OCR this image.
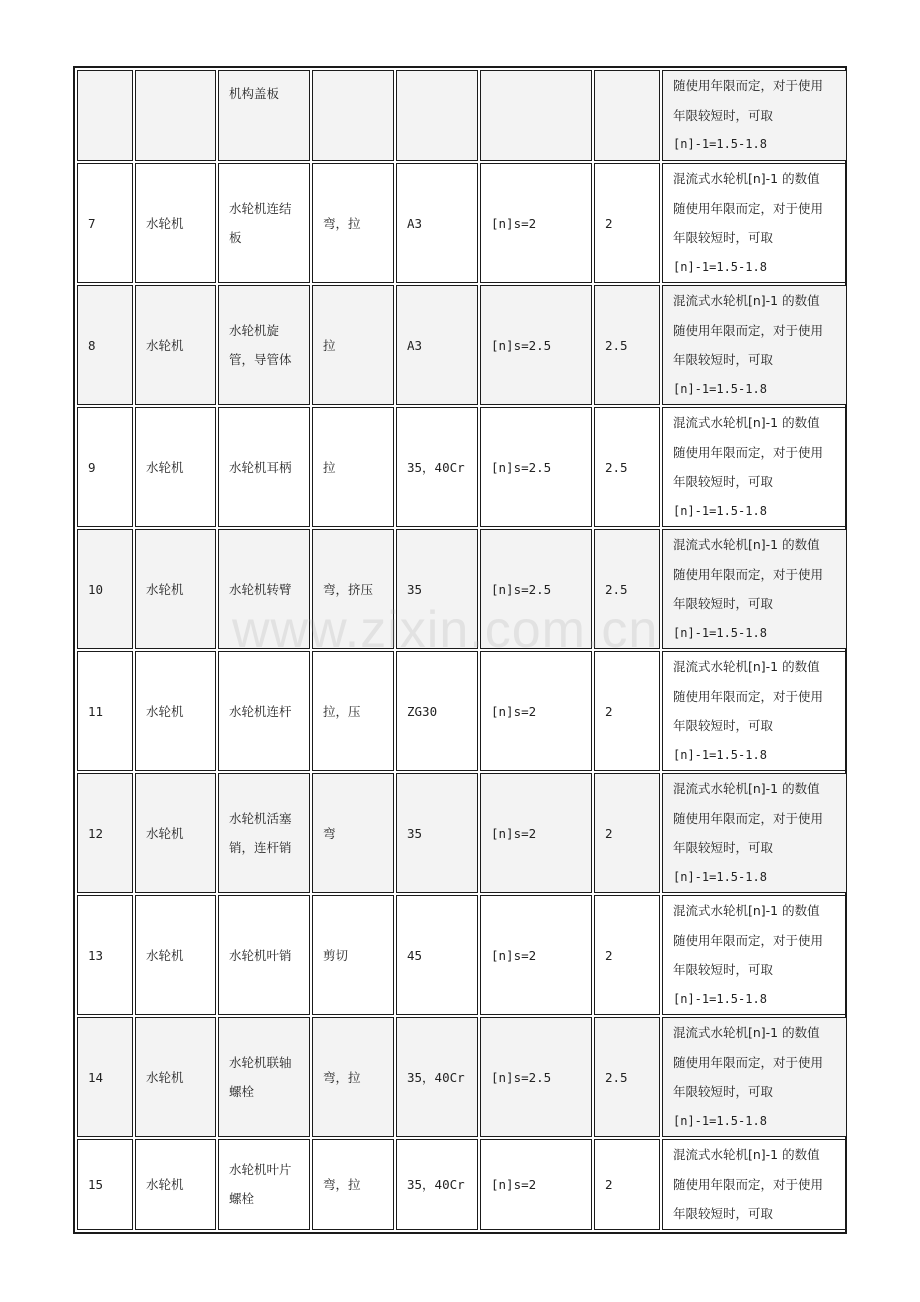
		机构盖板					随使用年限而定，对于使用
年限较短时，可取
[n]-1=1.5-1.8

7	水轮机	水轮机连结板	弯，拉	A3	[n]s=2	2	混流式水轮机[n]-1 的数值
随使用年限而定，对于使用
年限较短时，可取
[n]-1=1.5-1.8

8	水轮机	水轮机旋管，导管体	拉	A3	[n]s=2.5	2.5	混流式水轮机[n]-1 的数值
随使用年限而定，对于使用
年限较短时，可取
[n]-1=1.5-1.8

9	水轮机	水轮机耳柄	拉	35，40Cr	[n]s=2.5	2.5	混流式水轮机[n]-1 的数值
随使用年限而定，对于使用
年限较短时，可取
[n]-1=1.5-1.8

10	水轮机	水轮机转臂	弯，挤压	35	[n]s=2.5	2.5	混流式水轮机[n]-1 的数值
随使用年限而定，对于使用
年限较短时，可取
[n]-1=1.5-1.8

11	水轮机	水轮机连杆	拉，压	ZG30	[n]s=2	2	混流式水轮机[n]-1 的数值
随使用年限而定，对于使用
年限较短时，可取
[n]-1=1.5-1.8

12	水轮机	水轮机活塞销，连杆销	弯	35	[n]s=2	2	混流式水轮机[n]-1 的数值
随使用年限而定，对于使用
年限较短时，可取
[n]-1=1.5-1.8

13	水轮机	水轮机叶销	剪切	45	[n]s=2	2	混流式水轮机[n]-1 的数值
随使用年限而定，对于使用
年限较短时，可取
[n]-1=1.5-1.8

14	水轮机	水轮机联轴螺栓	弯，拉	35，40Cr	[n]s=2.5	2.5	混流式水轮机[n]-1 的数值
随使用年限而定，对于使用
年限较短时，可取
[n]-1=1.5-1.8

15	水轮机	水轮机叶片螺栓	弯，拉	35，40Cr	[n]s=2	2	混流式水轮机[n]-1 的数值
随使用年限而定，对于使用
年限较短时，可取
www.zixin.com.cn
